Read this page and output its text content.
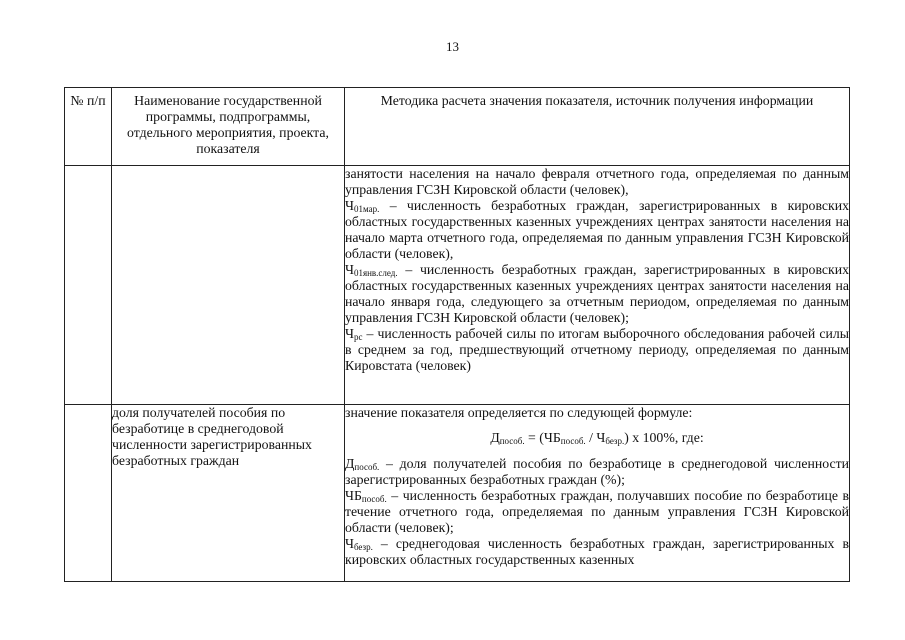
13
№ п/п	Наименование государственной программы, подпрограммы, отдельного мероприятия, проекта, показателя	Методика расчета значения показателя, источник получения информации

		занятости населения на начало февраля отчетного года, определяемая по данным управления ГСЗН Кировской области (человек),
$Ч_{01мар.}$ – численность безработных граждан, зарегистрированных в кировских областных государственных казенных учреждениях центрах занятости населения на начало марта отчетного года, определяемая по данным управления ГСЗН Кировской области (человек),
$Ч_{01янв.след.}$ – численность безработных граждан, зарегистрированных в кировских областных государственных казенных учреждениях центрах занятости населения на начало января года, следующего за отчетным периодом, определяемая по данным управления ГСЗН Кировской области (человек);
$Ч_{рс}$ – численность рабочей силы по итогам выборочного обследования рабочей силы в среднем за год, предшествующий отчетному периоду, определяемая по данным Кировстата (человек)

	доля получателей пособия по безработице в среднегодовой численности зарегистрированных безработных граждан	значение показателя определяется по следующей формуле:
$Д_{пособ.} = (ЧБ_{пособ.} / Ч_{безр.})$ x 100%, где:
$Д_{пособ.}$ – доля получателей пособия по безработице в среднегодовой численности зарегистрированных безработных граждан (%);
$ЧБ_{пособ.}$ – численность безработных граждан, получавших пособие по безработице в течение отчетного года, определяемая по данным управления ГСЗН Кировской области (человек);
$Ч_{безр.}$ – среднегодовая численность безработных граждан, зарегистрированных в кировских областных государственных казенных
